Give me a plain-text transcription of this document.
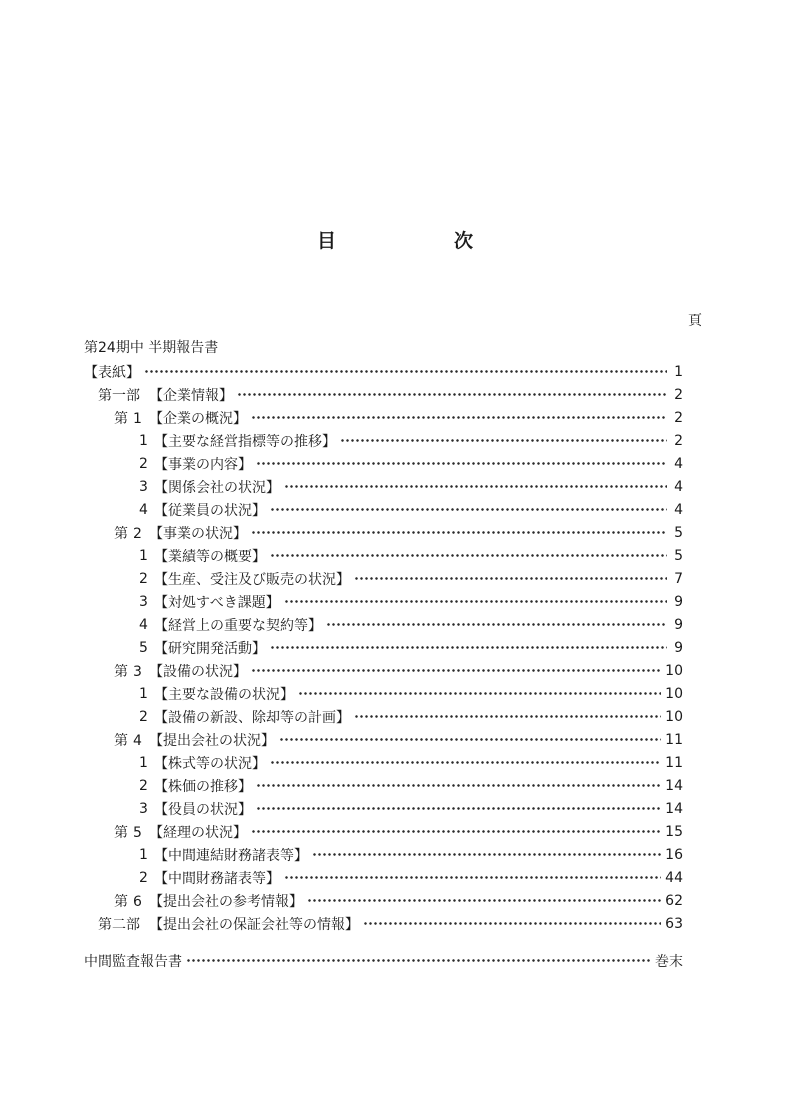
目	次
頁
第24期中 半期報告書
【表紙】	1
第一部 【企業情報】	2
第1 【企業の概況】	2
1 【主要な経営指標等の推移】	2
2 【事業の内容】	4
3 【関係会社の状況】	4
4 【従業員の状況】	4
第2 【事業の状況】	5
1 【業績等の概要】	5
2 【生産、受注及び販売の状況】	7
3 【対処すべき課題】	9
4 【経営上の重要な契約等】	9
5 【研究開発活動】	9
第3 【設備の状況】	10
1 【主要な設備の状況】	10
2 【設備の新設、除却等の計画】	10
第4 【提出会社の状況】	11
1 【株式等の状況】	11
2 【株価の推移】	14
3 【役員の状況】	14
第5 【経理の状況】	15
1 【中間連結財務諸表等】	16
2 【中間財務諸表等】	44
第6 【提出会社の参考情報】	62
第二部 【提出会社の保証会社等の情報】	63
中間監査報告書	巻末
